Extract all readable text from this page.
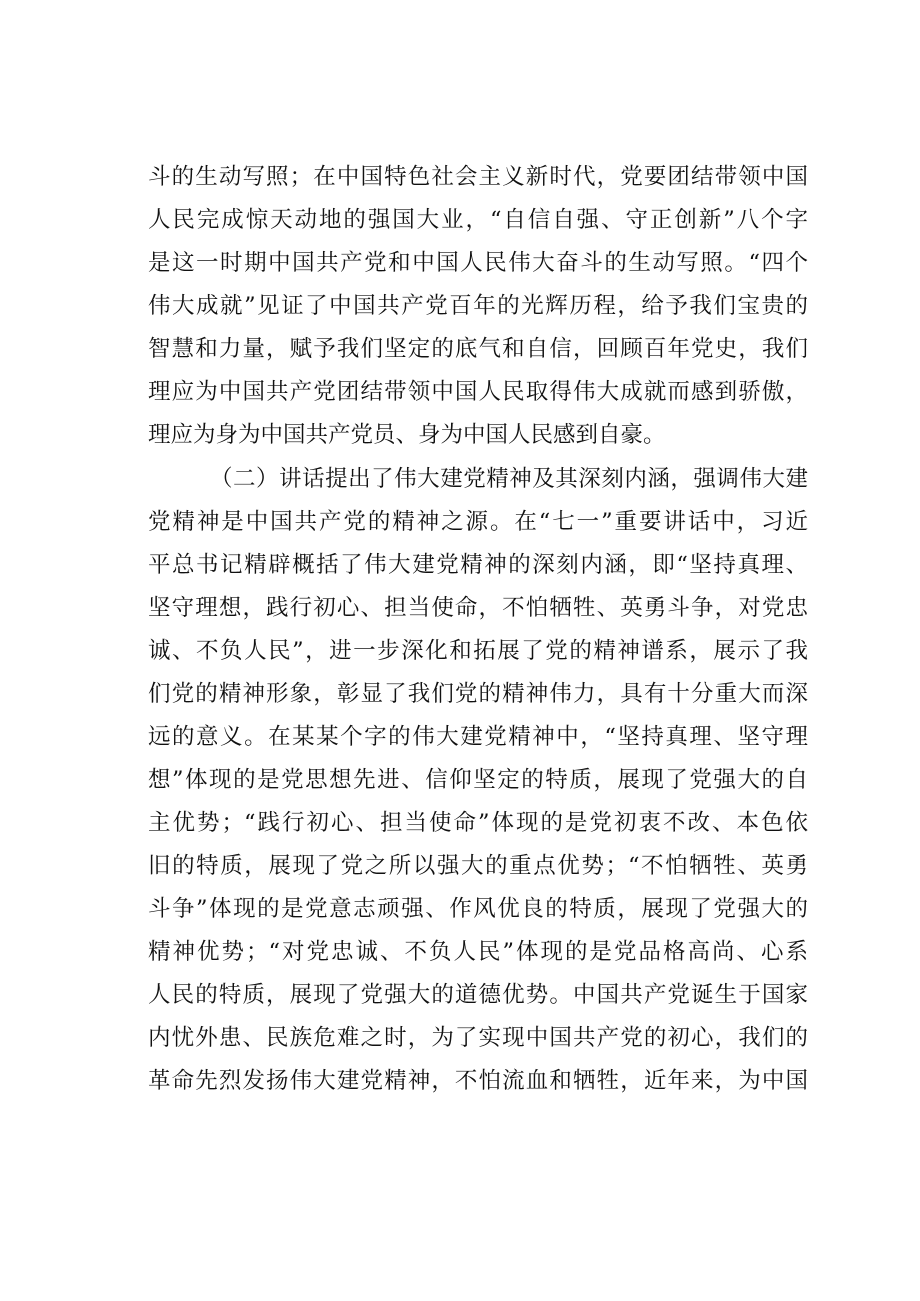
斗的生动写照；在中国特色社会主义新时代，党要团结带领中国
人民完成惊天动地的强国大业，“自信自强、守正创新”八个字
是这一时期中国共产党和中国人民伟大奋斗的生动写照。“四个
伟大成就”见证了中国共产党百年的光辉历程，给予我们宝贵的
智慧和力量，赋予我们坚定的底气和自信，回顾百年党史，我们
理应为中国共产党团结带领中国人民取得伟大成就而感到骄傲，
理应为身为中国共产党员、身为中国人民感到自豪。
（二）讲话提出了伟大建党精神及其深刻内涵，强调伟大建
党精神是中国共产党的精神之源。在“七一”重要讲话中，习近
平总书记精辟概括了伟大建党精神的深刻内涵，即“坚持真理、
坚守理想，践行初心、担当使命，不怕牺牲、英勇斗争，对党忠
诚、不负人民”，进一步深化和拓展了党的精神谱系，展示了我
们党的精神形象，彰显了我们党的精神伟力，具有十分重大而深
远的意义。在某某个字的伟大建党精神中，“坚持真理、坚守理
想”体现的是党思想先进、信仰坚定的特质，展现了党强大的自
主优势；“践行初心、担当使命”体现的是党初衷不改、本色依
旧的特质，展现了党之所以强大的重点优势；“不怕牺牲、英勇
斗争”体现的是党意志顽强、作风优良的特质，展现了党强大的
精神优势；“对党忠诚、不负人民”体现的是党品格高尚、心系
人民的特质，展现了党强大的道德优势。中国共产党诞生于国家
内忧外患、民族危难之时，为了实现中国共产党的初心，我们的
革命先烈发扬伟大建党精神，不怕流血和牺牲，近年来，为中国
